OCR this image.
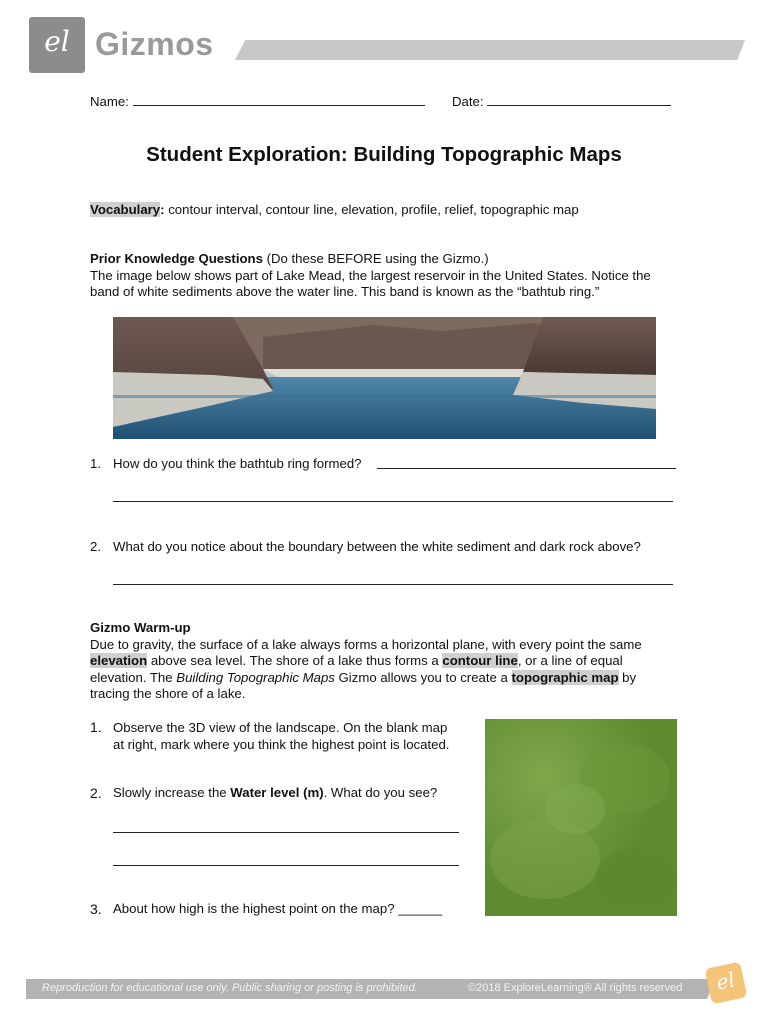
el Gizmos
Name:	Date:
Student Exploration: Building Topographic Maps
Vocabulary: contour interval, contour line, elevation, profile, relief, topographic map
Prior Knowledge Questions (Do these BEFORE using the Gizmo.)
The image below shows part of Lake Mead, the largest reservoir in the United States. Notice the
band of white sediments above the water line. This band is known as the “bathtub ring.”
1. How do you think the bathtub ring formed?
2. What do you notice about the boundary between the white sediment and dark rock above?
Gizmo Warm-up
Due to gravity, the surface of a lake always forms a horizontal plane, with every point the same
elevation above sea level. The shore of a lake thus forms a contour line, or a line of equal
elevation. The Building Topographic Maps Gizmo allows you to create a topographic map by
tracing the shore of a lake.
1. Observe the 3D view of the landscape. On the blank map
at right, mark where you think the highest point is located.
2. Slowly increase the Water level (m). What do you see?
3. About how high is the highest point on the map? ______
Reproduction for educational use only. Public sharing or posting is prohibited.	©2018 ExploreLearning® All rights reserved	el
